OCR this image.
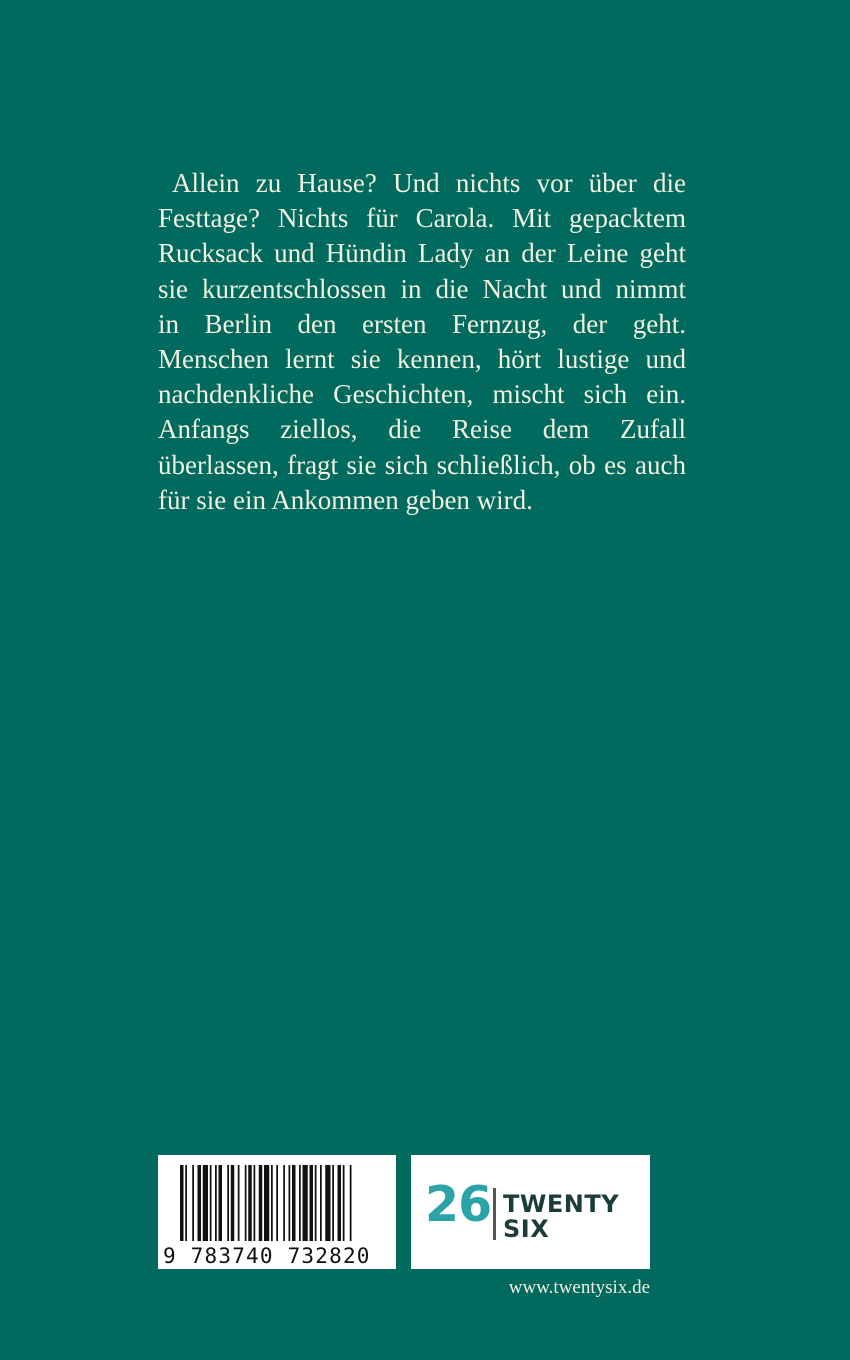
Allein zu Hause? Und nichts vor über die
Festtage? Nichts für Carola. Mit gepacktem
Rucksack und Hündin Lady an der Leine geht
sie kurzentschlossen in die Nacht und nimmt
in Berlin den ersten Fernzug, der geht.
Menschen lernt sie kennen, hört lustige und
nachdenkliche Geschichten, mischt sich ein.
Anfangs ziellos, die Reise dem Zufall
überlassen, fragt sie sich schließlich, ob es auch
für sie ein Ankommen geben wird.
9 783740 732820
26 TWENTY
SIX
www.twentysix.de
